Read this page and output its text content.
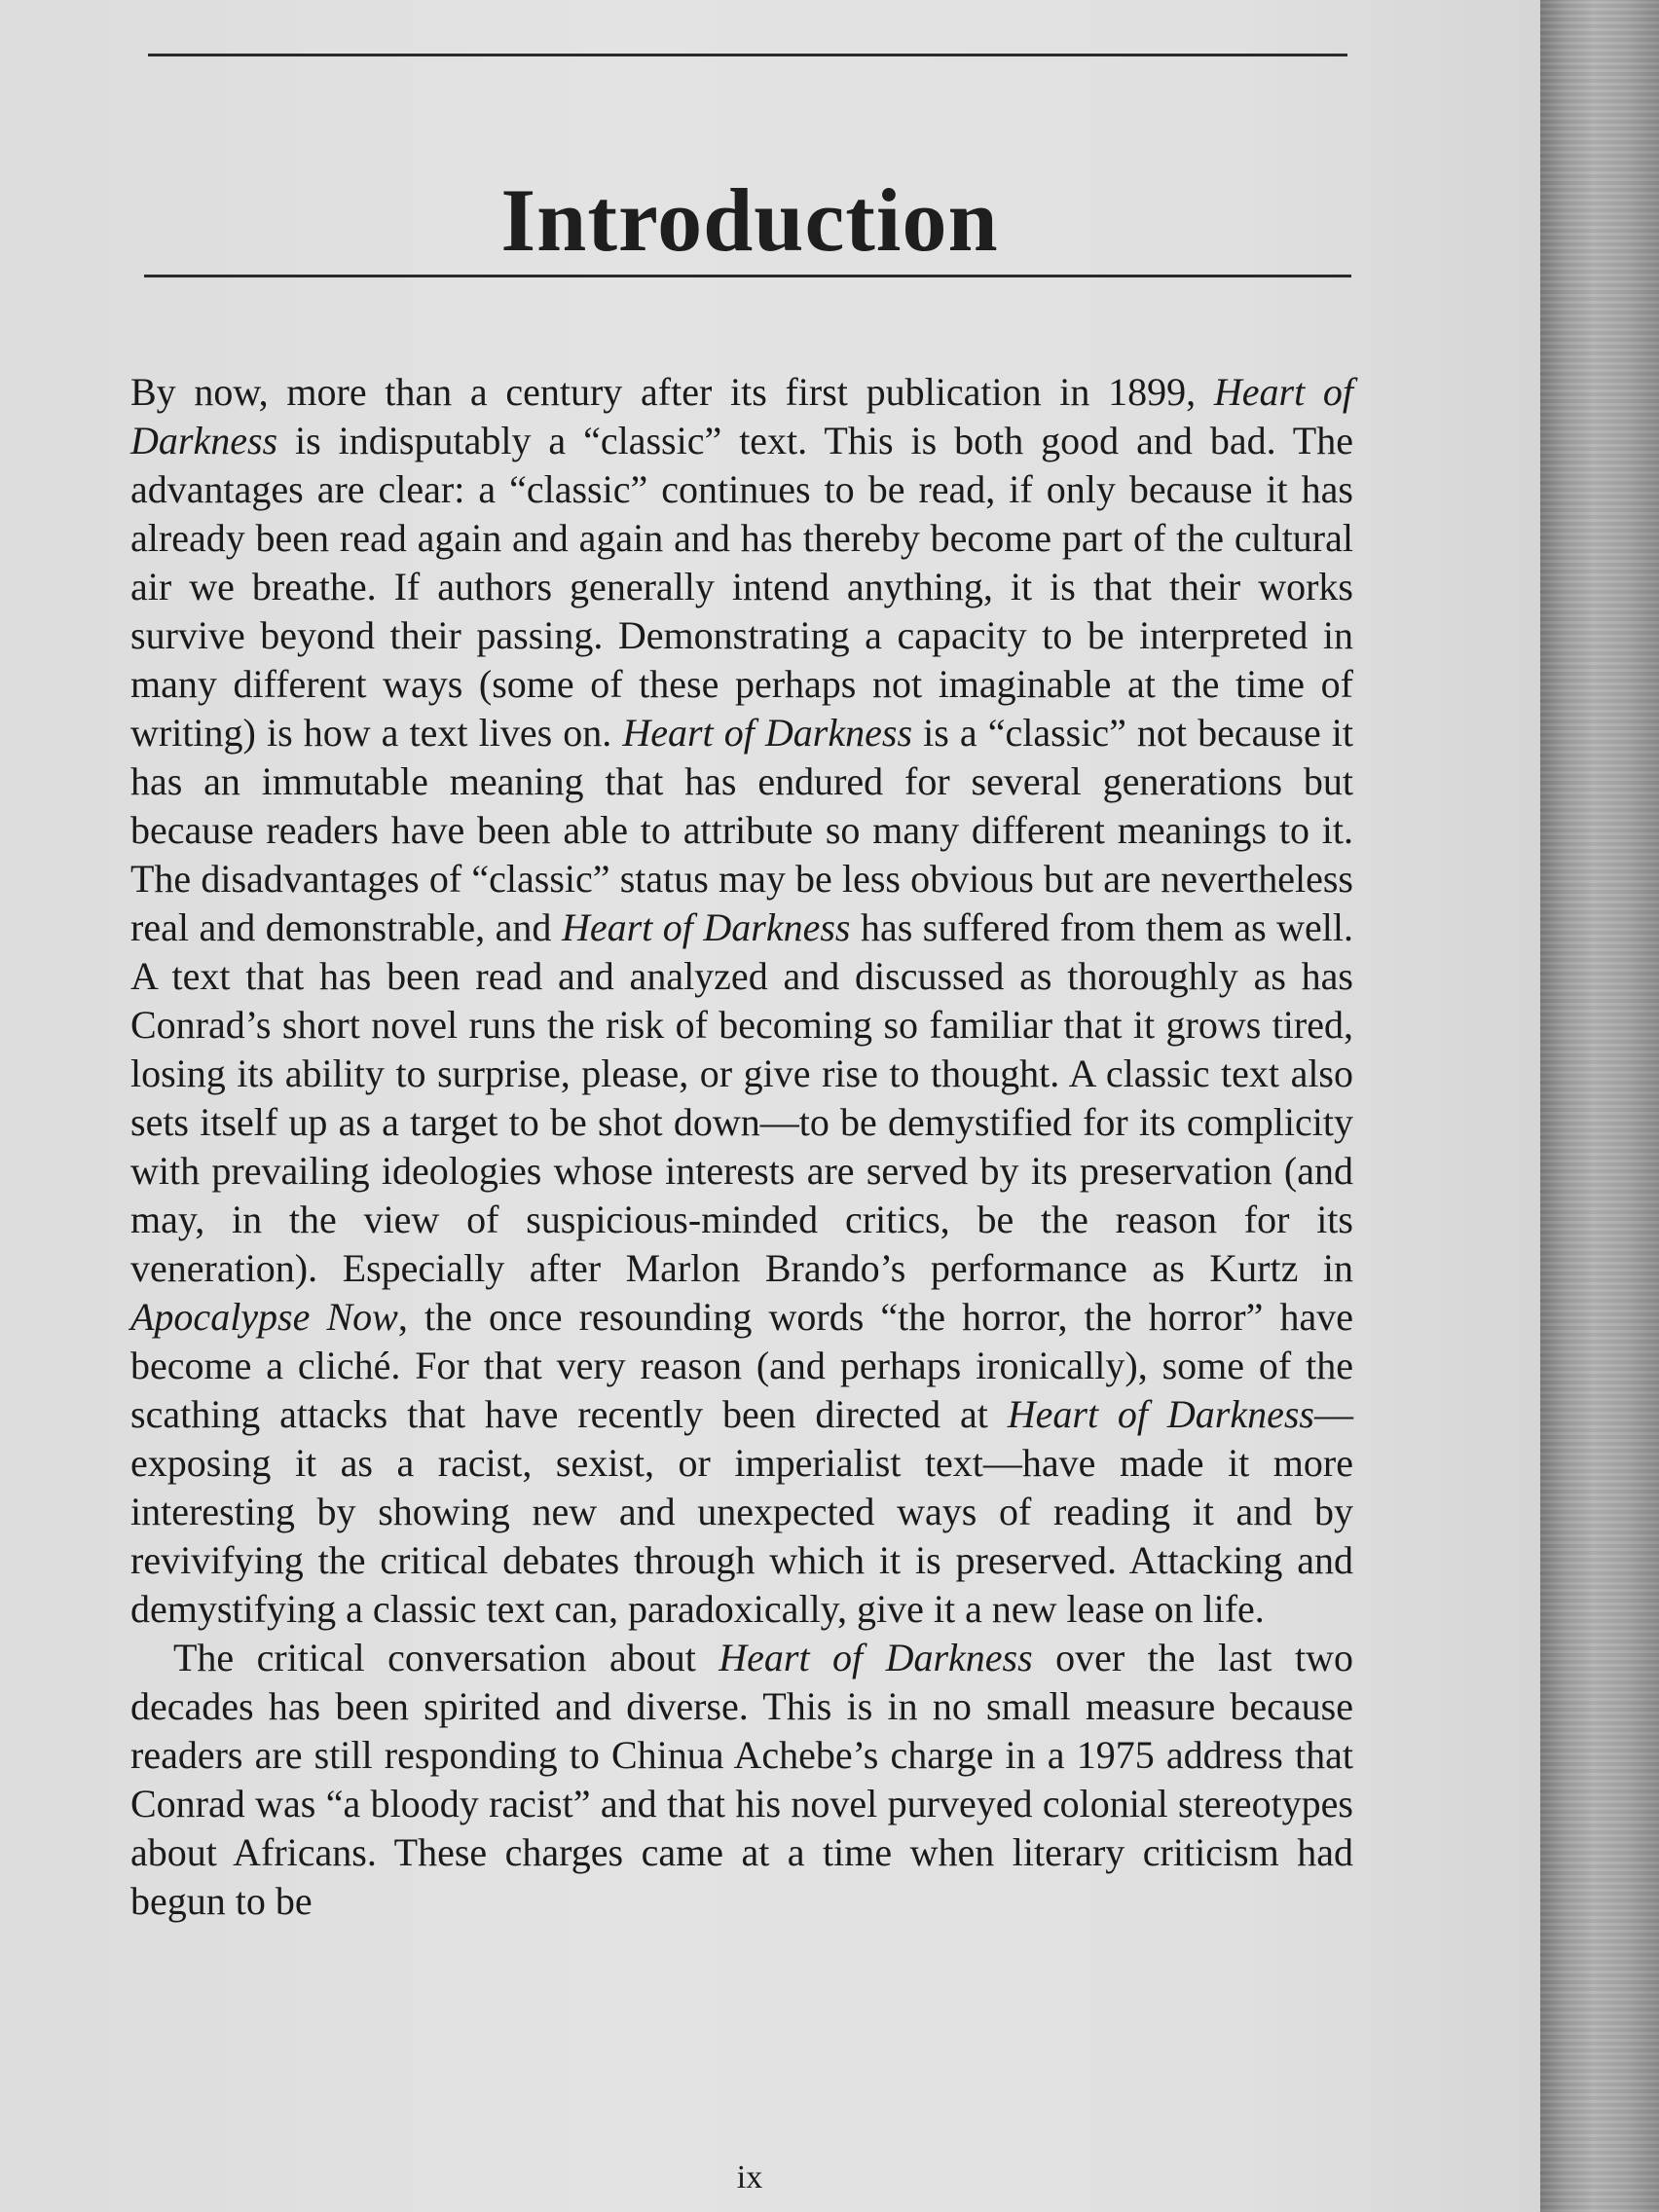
Introduction

By now, more than a century after its first publication in 1899, Heart of Darkness is indisputably a “classic” text. This is both good and bad. The advantages are clear: a “classic” continues to be read, if only because it has already been read again and again and has thereby become part of the cultural air we breathe. If authors generally intend anything, it is that their works survive beyond their passing. Demonstrating a capacity to be interpreted in many different ways (some of these perhaps not imaginable at the time of writing) is how a text lives on. Heart of Darkness is a “classic” not because it has an immutable meaning that has endured for several generations but because readers have been able to attribute so many different meanings to it. The disadvantages of “classic” status may be less obvious but are nevertheless real and demonstrable, and Heart of Darkness has suffered from them as well. A text that has been read and analyzed and discussed as thoroughly as has Conrad’s short novel runs the risk of becoming so familiar that it grows tired, losing its ability to surprise, please, or give rise to thought. A classic text also sets itself up as a target to be shot down—to be demystified for its complicity with prevailing ideologies whose interests are served by its preservation (and may, in the view of suspicious-minded critics, be the reason for its veneration). Especially after Marlon Brando’s performance as Kurtz in Apocalypse Now, the once resounding words “the horror, the horror” have become a cliché. For that very reason (and perhaps ironically), some of the scathing attacks that have recently been directed at Heart of Darkness—exposing it as a racist, sexist, or imperialist text—have made it more interesting by showing new and unexpected ways of reading it and by revivifying the critical debates through which it is preserved. Attacking and demystifying a classic text can, paradoxically, give it a new lease on life.

The critical conversation about Heart of Darkness over the last two decades has been spirited and diverse. This is in no small measure because readers are still responding to Chinua Achebe’s charge in a 1975 address that Conrad was “a bloody racist” and that his novel purveyed colonial stereotypes about Africans. These charges came at a time when literary criticism had begun to be

ix
